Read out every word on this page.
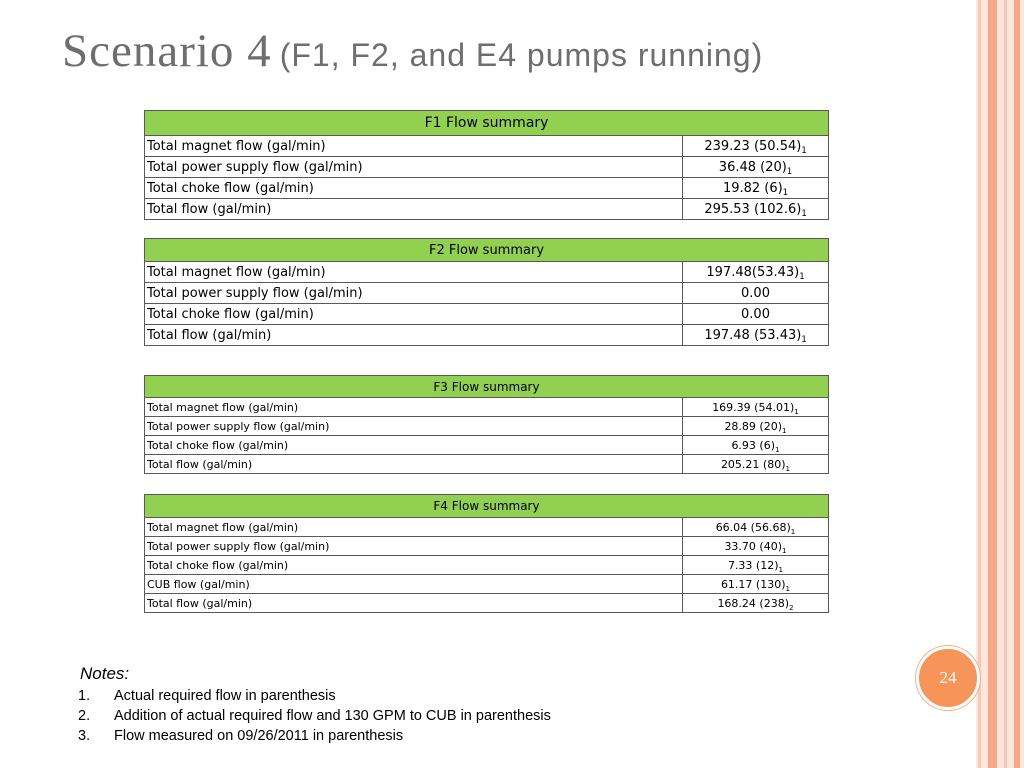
Scenario 4 (F1, F2, and E4 pumps running)
F1 Flow summary	
Total magnet flow (gal/min)	239.23 $(50.54)_1$
Total power supply flow (gal/min)	36.48 $(20)_1$
Total choke flow (gal/min)	19.82 $(6)_1$
Total flow (gal/min)	295.53 $(102.6)_1$
F2 Flow summary	
Total magnet flow (gal/min)	$197.48(53.43)_1$
Total power supply flow (gal/min)	0.00
Total choke flow (gal/min)	0.00
Total flow (gal/min)	197.48 $(53.43)_1$
F3 Flow summary	
Total magnet flow (gal/min)	169.39 $(54.01)_1$
Total power supply flow (gal/min)	28.89 $(20)_1$
Total choke flow (gal/min)	6.93 $(6)_1$
Total flow (gal/min)	205.21 $(80)_1$
F4 Flow summary	
Total magnet flow (gal/min)	66.04 $(56.68)_1$
Total power supply flow (gal/min)	33.70 $(40)_1$
Total choke flow (gal/min)	7.33 $(12)_1$
CUB flow (gal/min)	61.17 $(130)_1$
Total flow (gal/min)	168.24 $(238)_2$
Notes:
1. Actual required flow in parenthesis
2. Addition of actual required flow and 130 GPM to CUB in parenthesis
3. Flow measured on 09/26/2011 in parenthesis
24
